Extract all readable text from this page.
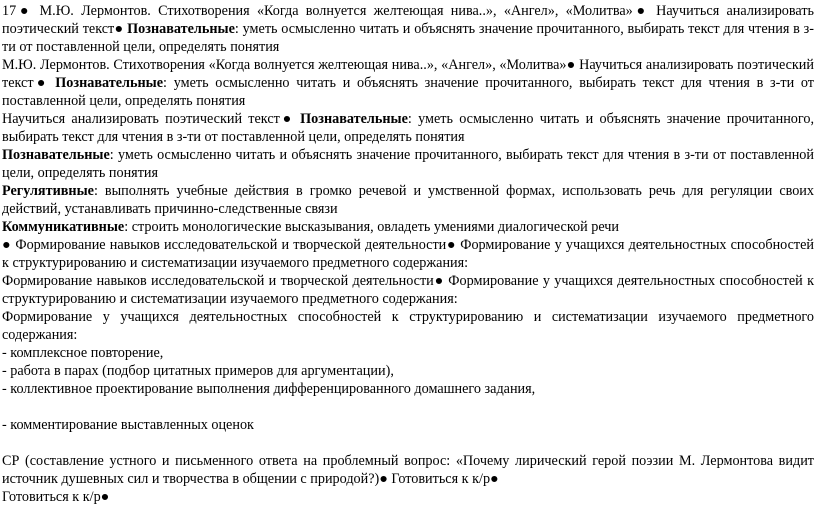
17● М.Ю. Лермонтов. Стихотворения «Когда волнуется желтеющая нива..», «Ангел», «Молитва»● Научиться анализировать поэтический текст● Познавательные: уметь осмысленно читать и объяснять значение прочитанного, выбирать текст для чтения в з-ти от поставленной цели, определять понятия

М.Ю. Лермонтов. Стихотворения «Когда волнуется желтеющая нива..», «Ангел», «Молитва»● Научиться анализировать поэтический текст● Познавательные: уметь осмысленно читать и объяснять значение прочитанного, выбирать текст для чтения в з-ти от поставленной цели, определять понятия

Научиться анализировать поэтический текст● Познавательные: уметь осмысленно читать и объяснять значение прочитанного, выбирать текст для чтения в з-ти от поставленной цели, определять понятия

Познавательные: уметь осмысленно читать и объяснять значение прочитанного, выбирать текст для чтения в з-ти от поставленной цели, определять понятия

Регулятивные: выполнять учебные действия в громко речевой и умственной формах, использовать речь для регуляции своих действий, устанавливать причинно-следственные связи

Коммуникативные: строить монологические высказывания, овладеть умениями диалогической речи

● Формирование навыков исследовательской и творческой деятельности● Формирование у учащихся деятельностных способностей к структурированию и систематизации изучаемого предметного содержания:

Формирование навыков исследовательской и творческой деятельности● Формирование у учащихся деятельностных способностей к структурированию и систематизации изучаемого предметного содержания:

Формирование у учащихся деятельностных способностей к структурированию и систематизации изучаемого предметного содержания:

- комплексное повторение,

- работа в парах (подбор цитатных примеров для аргументации),

- коллективное проектирование выполнения дифференцированного домашнего задания,

- комментирование выставленных оценок

СР (составление устного и письменного ответа на проблемный вопрос: «Почему лирический герой поэзии М. Лермонтова видит источник душевных сил и творчества в общении с природой?)● Готовиться к к/р●

Готовиться к к/р●
